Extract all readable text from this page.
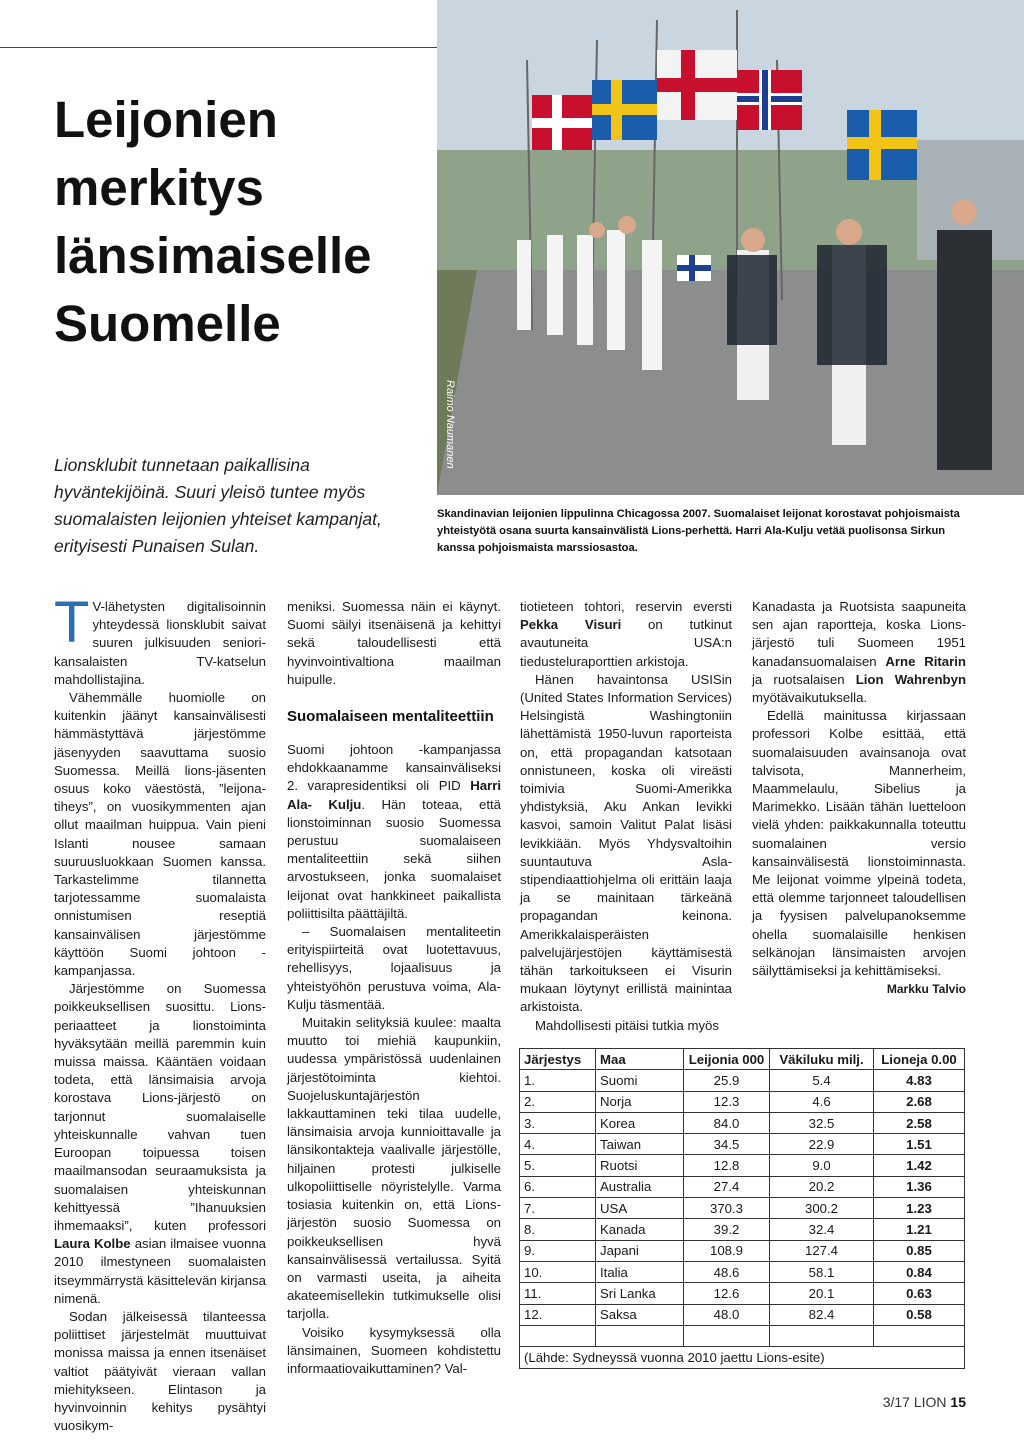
Raimo Naumanen
Leijonien
merkitys
länsimaiselle
Suomelle

Lionsklubit tunnetaan paikallisina hyväntekijöinä. Suuri yleisö tuntee myös suomalaisten leijonien yhteiset kampanjat, erityisesti Punaisen Sulan.

Skandinavian leijonien lippulinna Chicagossa 2007. Suomalaiset leijonat korostavat pohjoismaista yhteistyötä osana suurta kansainvälistä Lions-perhettä. Harri Ala-Kulju vetää puolisonsa Sirkun kanssa pohjoismaista marssiosastoa.

T V-lähetysten digitalisoinnin yhteydessä lionsklubit saivat suuren julkisuuden seniori-kansalaisten TV-katselun mahdollistajina.

Vähemmälle huomiolle on kuitenkin jäänyt kansainvälisesti hämmästyttävä järjestömme jäsenyyden saavuttama suosio Suomessa. Meillä lions-jäsenten osuus koko väestöstä, ”leijona-tiheys”, on vuosikymmenten ajan ollut maailman huippua. Vain pieni Islanti nousee samaan suuruusluokkaan Suomen kanssa. Tarkastelimme tilannetta tarjotessamme suomalaista onnistumisen reseptiä kansainvälisen järjestömme käyttöön Suomi johtoon -kampanjassa.

Järjestömme on Suomessa poikkeuksellisen suosittu. Lions-periaatteet ja lionstoiminta hyväksytään meillä paremmin kuin muissa maissa. Kääntäen voidaan todeta, että länsimaisia arvoja korostava Lions-järjestö on tarjonnut suomalaiselle yhteiskunnalle vahvan tuen Euroopan toipuessa toisen maailmansodan seuraamuksista ja suomalaisen yhteiskunnan kehittyessä ”Ihanuuksien ihmemaaksi”, kuten professori Laura Kolbe asian ilmaisee vuonna 2010 ilmestyneen suomalaisten itseymmärrystä käsittelevän kirjansa nimenä.

Sodan jälkeisessä tilanteessa poliittiset järjestelmät muuttuivat monissa maissa ja ennen itsenäiset valtiot päätyivät vieraan vallan miehitykseen. Elintason ja hyvinvoinnin kehitys pysähtyi vuosikym-

meniksi. Suomessa näin ei käynyt. Suomi säilyi itsenäisenä ja kehittyi sekä taloudellisesti että hyvinvointivaltiona maailman huipulle.

Suomalaiseen mentaliteettiin

Suomi johtoon -kampanjassa ehdokkaanamme kansainväliseksi 2. varapresidentiksi oli PID Harri Ala- Kulju. Hän toteaa, että lionstoiminnan suosio Suomessa perustuu suomalaiseen mentaliteettiin sekä siihen arvostukseen, jonka suomalaiset leijonat ovat hankkineet paikallista poliittisilta päättäjiltä.

– Suomalaisen mentaliteetin erityispiirteitä ovat luotettavuus, rehellisyys, lojaalisuus ja yhteistyöhön perustuva voima, Ala-Kulju täsmentää.

Muitakin selityksiä kuulee: maalta muutto toi miehiä kaupunkiin, uudessa ympäristössä uudenlainen järjestötoiminta kiehtoi. Suojeluskuntajärjestön lakkauttaminen teki tilaa uudelle, länsimaisia arvoja kunnioittavalle ja länsikontakteja vaalivalle järjestölle, hiljainen protesti julkiselle ulkopoliittiselle nöyristelylle. Varma tosiasia kuitenkin on, että Lions- järjestön suosio Suomessa on poikkeuksellisen hyvä kansainvälisessä vertailussa. Syitä on varmasti useita, ja aiheita akateemisellekin tutkimukselle olisi tarjolla.

Voisiko kysymyksessä olla länsimainen, Suomeen kohdistettu informaatiovaikuttaminen? Val-

tiotieteen tohtori, reservin eversti Pekka Visuri on tutkinut avautuneita USA:n tiedusteluraporttien arkistoja.

Hänen havaintonsa USISin (United States Information Services) Helsingistä Washingtoniin lähettämistä 1950-luvun raporteista on, että propagandan katsotaan onnistuneen, koska oli vireästi toimivia Suomi-Amerikka yhdistyksiä, Aku Ankan levikki kasvoi, samoin Valitut Palat lisäsi levikkiään. Myös Yhdysvaltoihin suuntautuva Asla-stipendiaattiohjelma oli erittäin laaja ja se mainitaan tärkeänä propagandan keinona. Amerikkalaisperäisten palvelujärjestöjen käyttämisestä tähän tarkoitukseen ei Visurin mukaan löytynyt erillistä mainintaa arkistoista.

Mahdollisesti pitäisi tutkia myös

Kanadasta ja Ruotsista saapuneita sen ajan raportteja, koska Lions-järjestö tuli Suomeen 1951 kanadansuomalaisen Arne Ritarin ja ruotsalaisen Lion Wahrenbyn myötävaikutuksella.

Edellä mainitussa kirjassaan professori Kolbe esittää, että suomalaisuuden avainsanoja ovat talvisota, Mannerheim, Maammelaulu, Sibelius ja Marimekko. Lisään tähän luetteloon vielä yhden: paikkakunnalla toteuttu suomalainen versio kansainvälisestä lionstoiminnasta. Me leijonat voimme ylpeinä todeta, että olemme tarjonneet taloudellisen ja fyysisen palvelupanoksemme ohella suomalaisille henkisen selkänojan länsimaisten arvojen säilyttämiseksi ja kehittämiseksi.

Markku Talvio

Järjestys	Maa	Leijonia 000	Väkiluku milj.	Lioneja 0.00
1.	Suomi	25.9	5.4	4.83
2.	Norja	12.3	4.6	2.68
3.	Korea	84.0	32.5	2.58
4.	Taiwan	34.5	22.9	1.51
5.	Ruotsi	12.8	9.0	1.42
6.	Australia	27.4	20.2	1.36
7.	USA	370.3	300.2	1.23
8.	Kanada	39.2	32.4	1.21
9.	Japani	108.9	127.4	0.85
10.	Italia	48.6	58.1	0.84
11.	Sri Lanka	12.6	20.1	0.63
12.	Saksa	48.0	82.4	0.58

(Lähde: Sydneyssä vuonna 2010 jaettu Lions-esite)
3/17 LION 15
